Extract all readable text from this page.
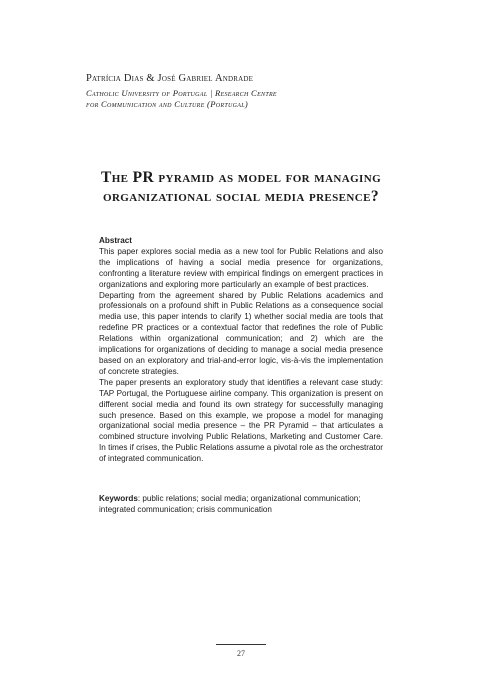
Patrícia Dias & José Gabriel Andrade
Catholic University of Portugal | Research Centre
for Communication and Culture (Portugal)
The PR pyramid as model for managing
organizational social media presence?
Abstract

This paper explores social media as a new tool for Public Relations and also the implications of having a social media presence for organizations, confronting a literature review with empirical findings on emergent practices in organizations and exploring more particularly an example of best practices.

Departing from the agreement shared by Public Relations academics and professionals on a profound shift in Public Relations as a consequence social media use, this paper intends to clarify 1) whether social media are tools that redefine PR practices or a contextual factor that redefines the role of Public Relations within organizational communication; and 2) which are the implications for organizations of deciding to manage a social media presence based on an exploratory and trial-and-error logic, vis-à-vis the implementation of concrete strategies.

The paper presents an exploratory study that identifies a relevant case study: TAP Portugal, the Portuguese airline company. This organization is present on different social media and found its own strategy for successfully managing such presence. Based on this example, we propose a model for managing organizational social media presence – the PR Pyramid – that articulates a combined structure involving Public Relations, Marketing and Customer Care. In times if crises, the Public Relations assume a pivotal role as the orchestrator of integrated communication.

Keywords: public relations; social media; organizational communication; integrated communication; crisis communication
27
